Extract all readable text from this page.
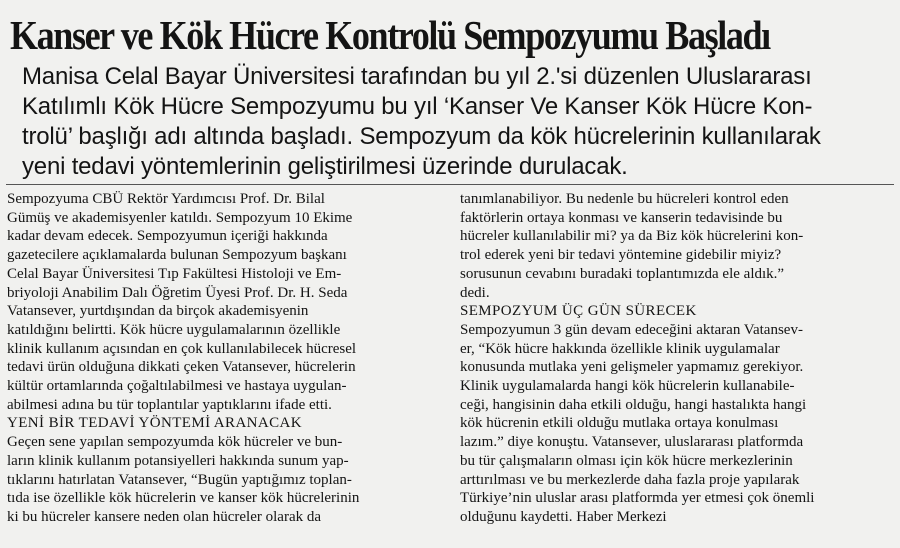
Kanser ve Kök Hücre Kontrolü Sempozyumu Başladı

Manisa Celal Bayar Üniversitesi tarafından bu yıl 2.'si düzenlen Uluslararası
Katılımlı Kök Hücre Sempozyumu bu yıl ‘Kanser Ve Kanser Kök Hücre Kon-
trolü’ başlığı adı altında başladı. Sempozyum da kök hücrelerinin kullanılarak
yeni tedavi yöntemlerinin geliştirilmesi üzerinde durulacak.

Sempozyuma CBÜ Rektör Yardımcısı Prof. Dr. Bilal
Gümüş ve akademisyenler katıldı. Sempozyum 10 Ekime
kadar devam edecek. Sempozyumun içeriği hakkında
gazetecilere açıklamalarda bulunan Sempozyum başkanı
Celal Bayar Üniversitesi Tıp Fakültesi Histoloji ve Em-
briyoloji Anabilim Dalı Öğretim Üyesi Prof. Dr. H. Seda
Vatansever, yurtdışından da birçok akademisyenin
katıldığını belirtti. Kök hücre uygulamalarının özellikle
klinik kullanım açısından en çok kullanılabilecek hücresel
tedavi ürün olduğuna dikkati çeken Vatansever, hücrelerin
kültür ortamlarında çoğaltılabilmesi ve hastaya uygulan-
abilmesi adına bu tür toplantılar yaptıklarını ifade etti.
YENİ BİR TEDAVİ YÖNTEMİ ARANACAK
Geçen sene yapılan sempozyumda kök hücreler ve bun-
ların klinik kullanım potansiyelleri hakkında sunum yap-
tıklarını hatırlatan Vatansever, “Bugün yaptığımız toplan-
tıda ise özellikle kök hücrelerin ve kanser kök hücrelerinin
ki bu hücreler kansere neden olan hücreler olarak da
tanımlanabiliyor. Bu nedenle bu hücreleri kontrol eden
faktörlerin ortaya konması ve kanserin tedavisinde bu
hücreler kullanılabilir mi? ya da Biz kök hücrelerini kon-
trol ederek yeni bir tedavi yöntemine gidebilir miyiz?
sorusunun cevabını buradaki toplantımızda ele aldık.”
dedi.
SEMPOZYUM ÜÇ GÜN SÜRECEK
Sempozyumun 3 gün devam edeceğini aktaran Vatansev-
er, “Kök hücre hakkında özellikle klinik uygulamalar
konusunda mutlaka yeni gelişmeler yapmamız gerekiyor.
Klinik uygulamalarda hangi kök hücrelerin kullanabile-
ceği, hangisinin daha etkili olduğu, hangi hastalıkta hangi
kök hücrenin etkili olduğu mutlaka ortaya konulması
lazım.” diye konuştu. Vatansever, uluslararası platformda
bu tür çalışmaların olması için kök hücre merkezlerinin
arttırılması ve bu merkezlerde daha fazla proje yapılarak
Türkiye’nin uluslar arası platformda yer etmesi çok önemli
olduğunu kaydetti. Haber Merkezi
